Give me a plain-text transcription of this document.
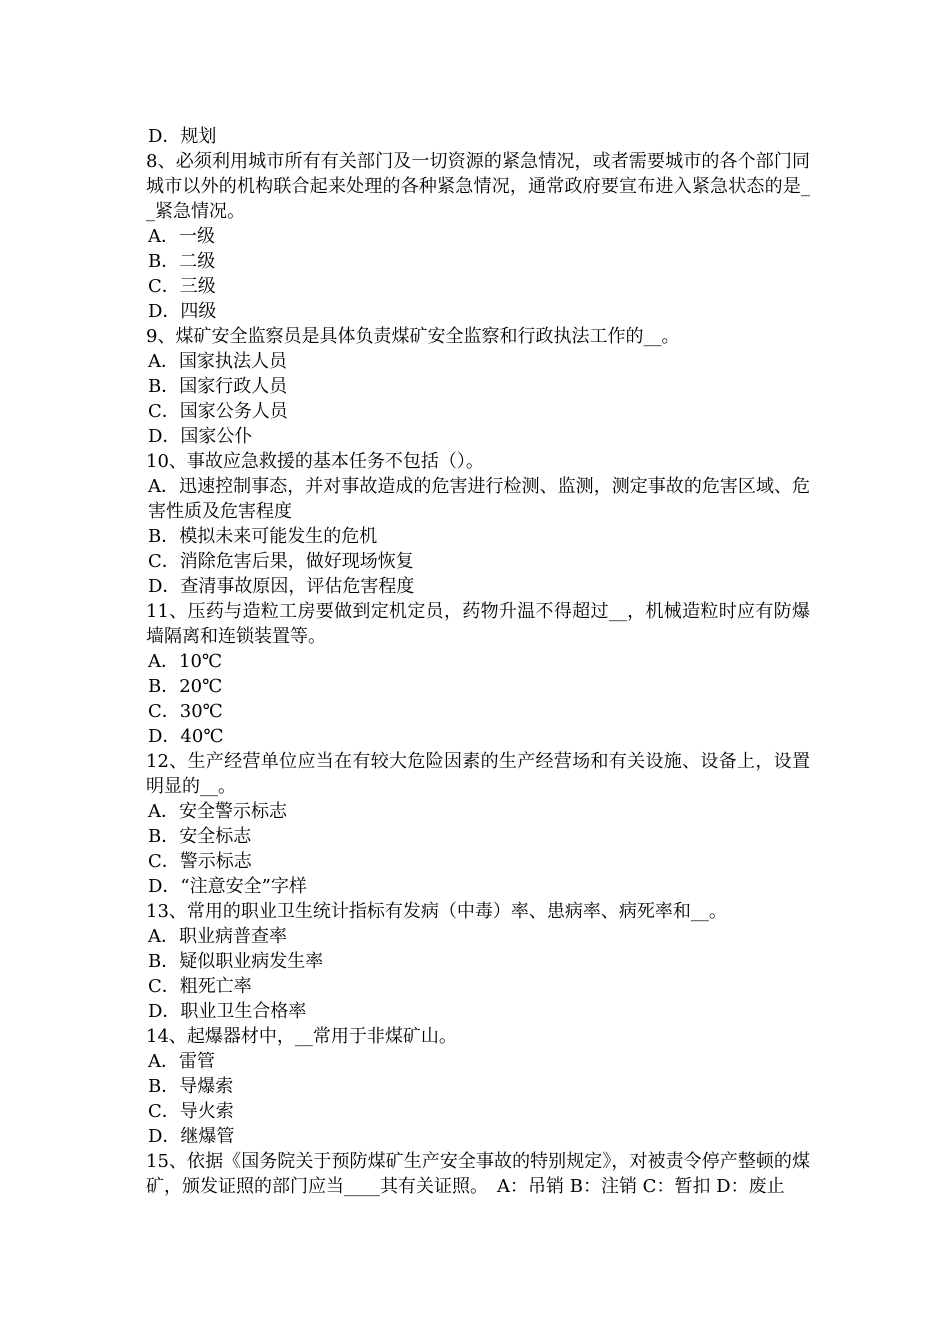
D．规划
8、必须利用城市所有有关部门及一切资源的紧急情况，或者需要城市的各个部门同城市以外的机构联合起来处理的各种紧急情况，通常政府要宣布进入紧急状态的是__紧急情况。
A．一级
B．二级
C．三级
D．四级
9、煤矿安全监察员是具体负责煤矿安全监察和行政执法工作的__。
A．国家执法人员
B．国家行政人员
C．国家公务人员
D．国家公仆
10、事故应急救援的基本任务不包括（）。
A．迅速控制事态，并对事故造成的危害进行检测、监测，测定事故的危害区域、危害性质及危害程度
B．模拟未来可能发生的危机
C．消除危害后果，做好现场恢复
D．查清事故原因，评估危害程度
11、压药与造粒工房要做到定机定员，药物升温不得超过__，机械造粒时应有防爆墙隔离和连锁装置等。
A．10℃
B．20℃
C．30℃
D．40℃
12、生产经营单位应当在有较大危险因素的生产经营场和有关设施、设备上，设置明显的__。
A．安全警示标志
B．安全标志
C．警示标志
D．“注意安全”字样
13、常用的职业卫生统计指标有发病（中毒）率、患病率、病死率和__。
A．职业病普查率
B．疑似职业病发生率
C．粗死亡率
D．职业卫生合格率
14、起爆器材中，__常用于非煤矿山。
A．雷管
B．导爆索
C．导火索
D．继爆管
15、依据《国务院关于预防煤矿生产安全事故的特别规定》，对被责令停产整顿的煤矿，颁发证照的部门应当____其有关证照。　A：吊销 B：注销 C：暂扣 D：废止
